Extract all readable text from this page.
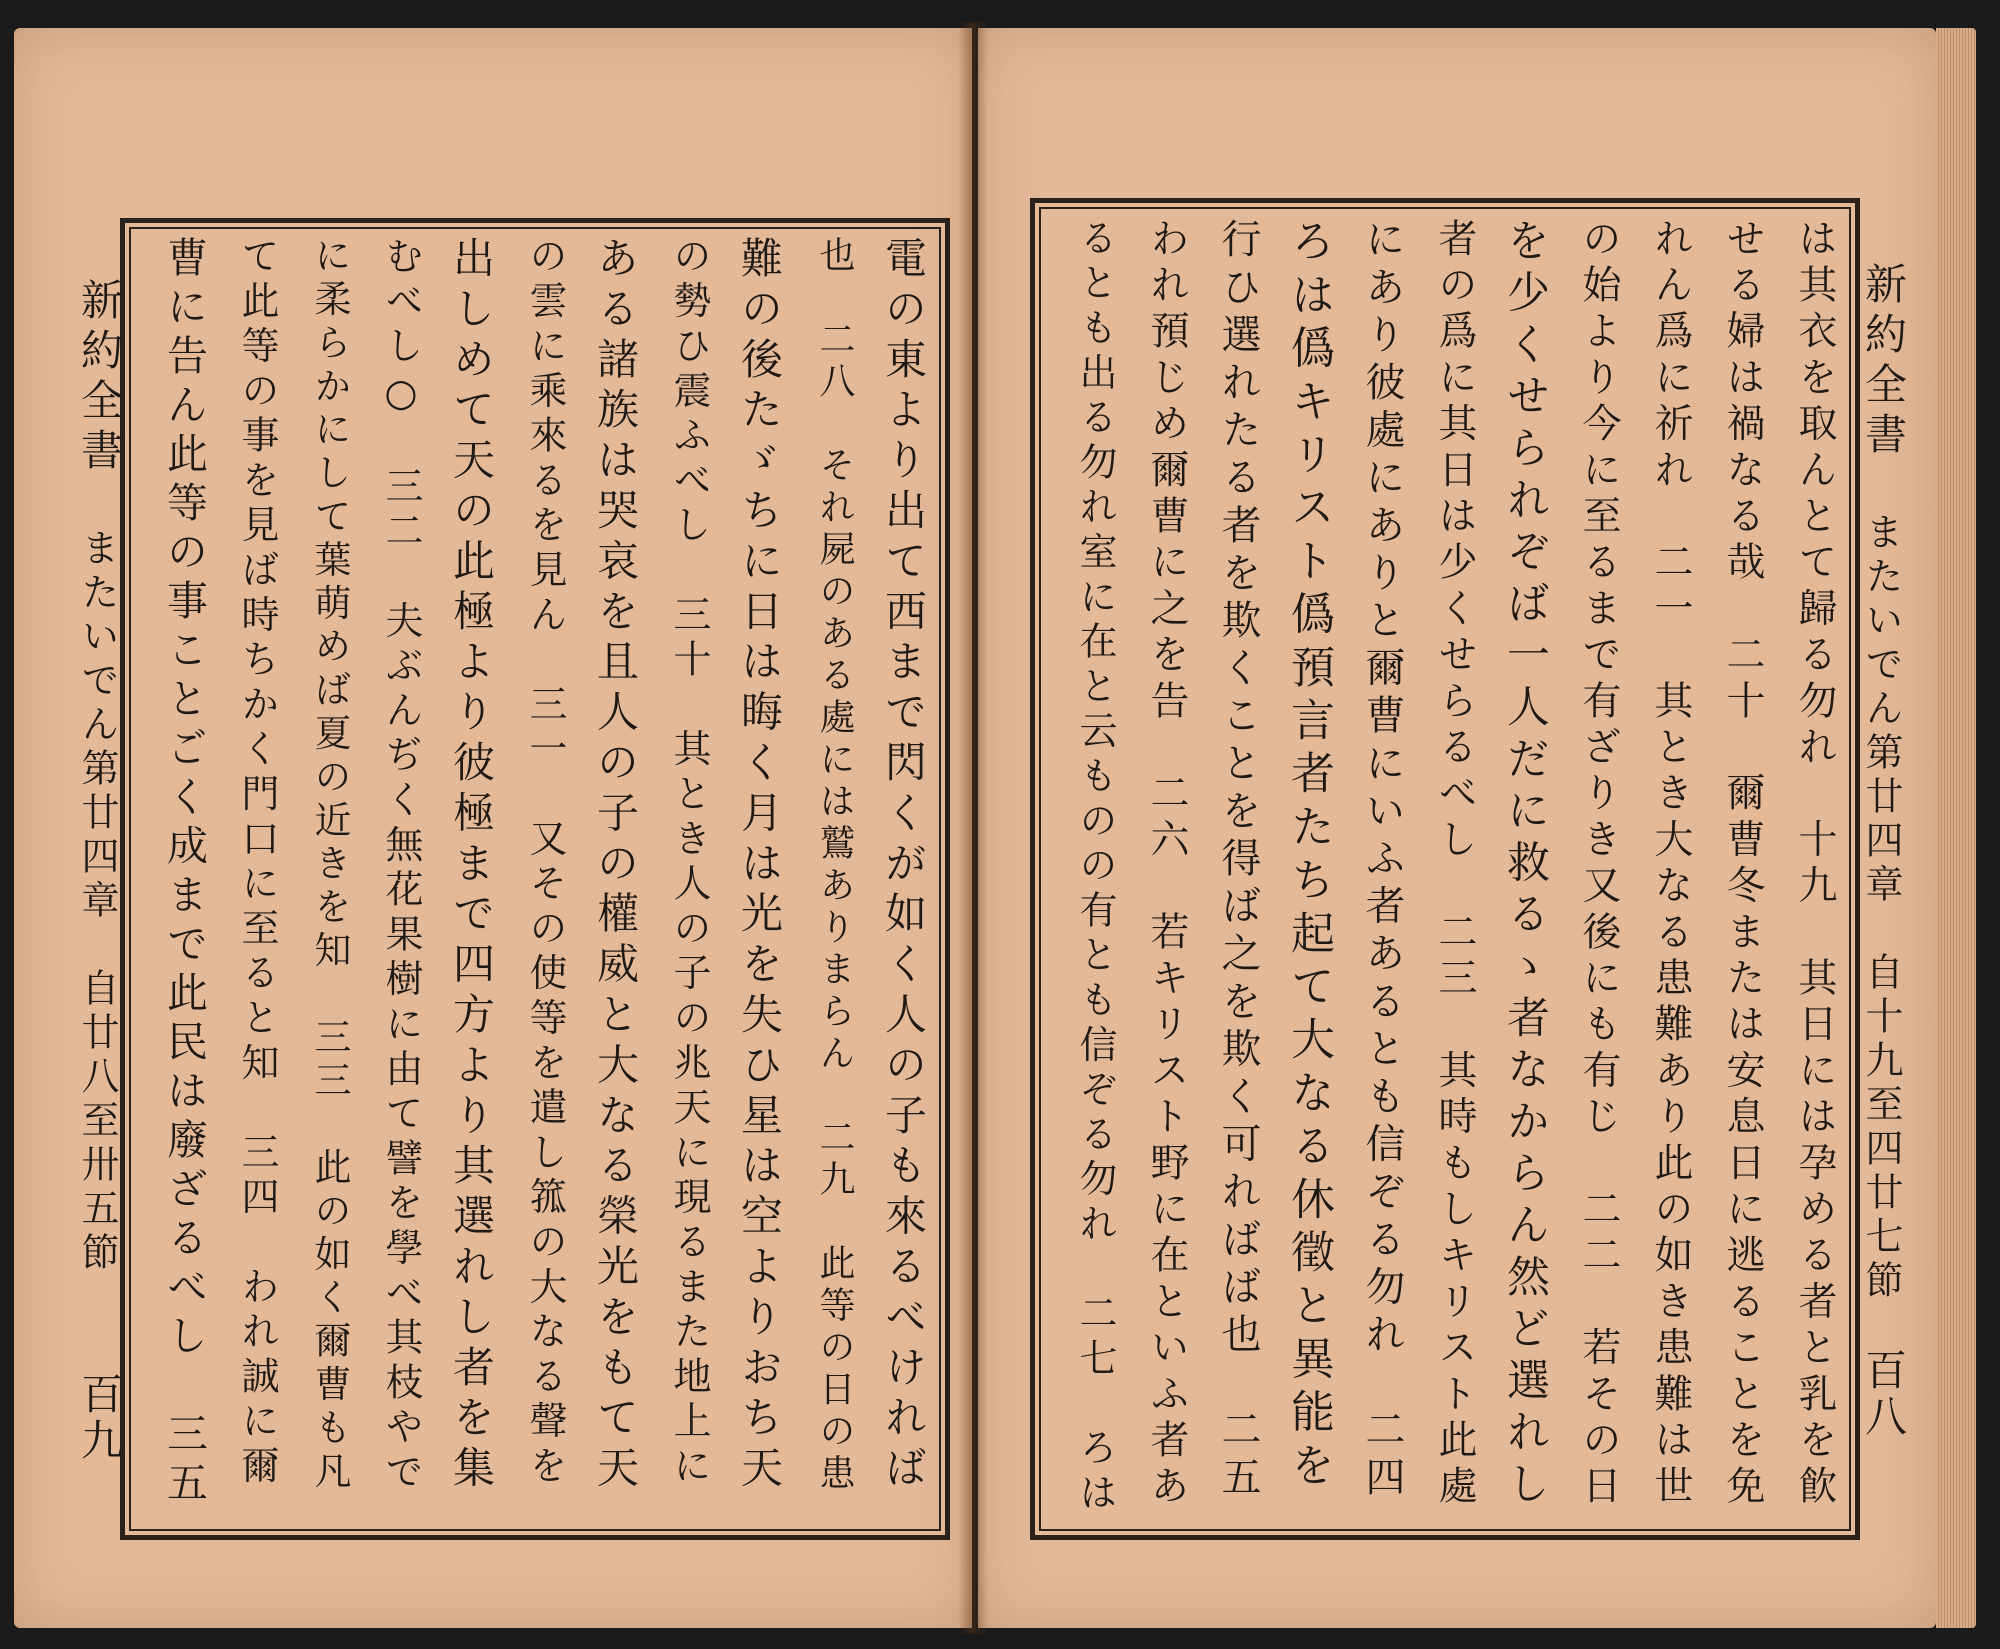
新約全書
またいでん第廿四章　自廿八至卅五節
百九
新約全書
またいでん第廿四章　自十九至四廿七節
百八
電の東より出て西まで閃くが如く人の子も來るべければ
也　二八　それ屍のある處には鷲ありまらん　二九　此等の日の患
難の後たゞちに日は晦く月は光を失ひ星は空よりおち天
の勢ひ震ふべし　三十　其とき人の子の兆天に現るまた地上に
ある諸族は哭哀を且人の子の權威と大なる榮光をもて天
の雲に乘來るを見ん　三一　又その使等を遣し箛の大なる聲を
出しめて天の此極より彼極まで四方より其選れし者を集
むべし○　三二　夫ぶんぢく無花果樹に由て譬を學べ其枝やで
に柔らかにして葉萌めば夏の近きを知　三三　此の如く爾曹も凡
て此等の事を見ば時ちかく門口に至ると知　三四　われ誠に爾
曹に告ん此等の事ことごく成まで此民は廢ざるべし　三五	は其衣を取んとて歸る勿れ　十九　其日には孕める者と乳を飮
せる婦は禍なる哉　二十　爾曹冬または安息日に逃ることを免
れん爲に祈れ　二一　其とき大なる患難あり此の如き患難は世
の始より今に至るまで有ざりき又後にも有じ　二二　若その日
を少くせられぞば一人だに救るゝ者なからん然ど選れし
者の爲に其日は少くせらるべし　二三　其時もしキリスト此處
にあり彼處にありと爾曹にいふ者あるとも信ぞる勿れ　二四
ろは僞キリスト僞預言者たち起て大なる休徵と異能を
行ひ選れたる者を欺くことを得ば之を欺く可ればば也　二五
われ預じめ爾曹に之を告　二六　若キリスト野に在といふ者あ
るとも出る勿れ室に在と云ものの有とも信ぞる勿れ　二七　ろは
